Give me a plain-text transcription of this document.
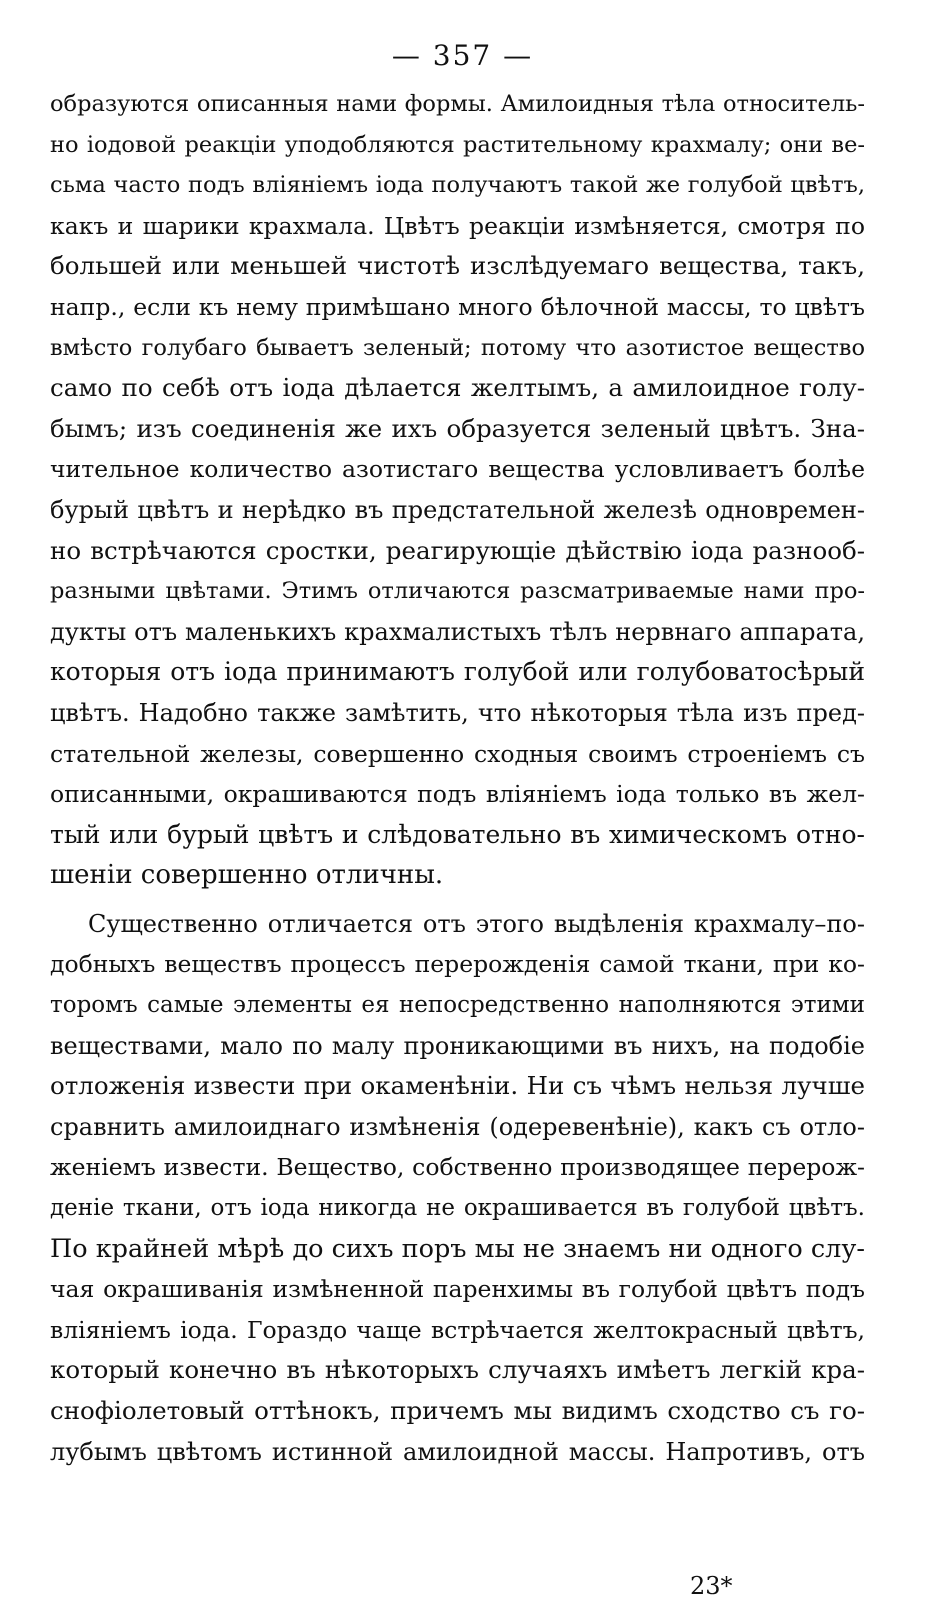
— 357 —

образуются описанныя нами формы. Амилоидныя тѣла относитель-
но іодовой реакціи уподобляются растительному крахмалу; они ве-
сьма часто подъ вліяніемъ іода получаютъ такой же голубой цвѣтъ,
какъ и шарики крахмала. Цвѣтъ реакціи измѣняется, смотря по
большей или меньшей чистотѣ изслѣдуемаго вещества, такъ,
напр., если къ нему примѣшано много бѣлочной массы, то цвѣтъ
вмѣсто голубаго бываетъ зеленый; потому что азотистое вещество
само по себѣ отъ іода дѣлается желтымъ, а амилоидное голу-
бымъ; изъ соединенія же ихъ образуется зеленый цвѣтъ. Зна-
чительное количество азотистаго вещества условливаетъ болѣе
бурый цвѣтъ и нерѣдко въ предстательной железѣ одновремен-
но встрѣчаются сростки, реагирующіе дѣйствію іода разнооб-
разными цвѣтами. Этимъ отличаются разсматриваемые нами про-
дукты отъ маленькихъ крахмалистыхъ тѣлъ нервнаго аппарата,
которыя отъ іода принимаютъ голубой или голубоватосѣрый
цвѣтъ. Надобно также замѣтить, что нѣкоторыя тѣла изъ пред-
стательной железы, совершенно сходныя своимъ строеніемъ съ
описанными, окрашиваются подъ вліяніемъ іода только въ жел-
тый или бурый цвѣтъ и слѣдовательно въ химическомъ отно-
шеніи совершенно отличны.

Существенно отличается отъ этого выдѣленія крахмалу–по-
добныхъ веществъ процессъ перерожденія самой ткани, при ко-
торомъ самые элементы ея непосредственно наполняются этими
веществами, мало по малу проникающими въ нихъ, на подобіе
отложенія извести при окаменѣніи. Ни съ чѣмъ нельзя лучше
сравнить амилоиднаго измѣненія (одеревенѣніе), какъ съ отло-
женіемъ извести. Вещество, собственно производящее перерож-
деніе ткани, отъ іода никогда не окрашивается въ голубой цвѣтъ.
По крайней мѣрѣ до сихъ поръ мы не знаемъ ни одного слу-
чая окрашиванія измѣненной паренхимы въ голубой цвѣтъ подъ
вліяніемъ іода. Гораздо чаще встрѣчается желтокрасный цвѣтъ,
который конечно въ нѣкоторыхъ случаяхъ имѣетъ легкій кра-
снофіолетовый оттѣнокъ, причемъ мы видимъ сходство съ го-
лубымъ цвѣтомъ истинной амилоидной массы. Напротивъ, отъ

23*
